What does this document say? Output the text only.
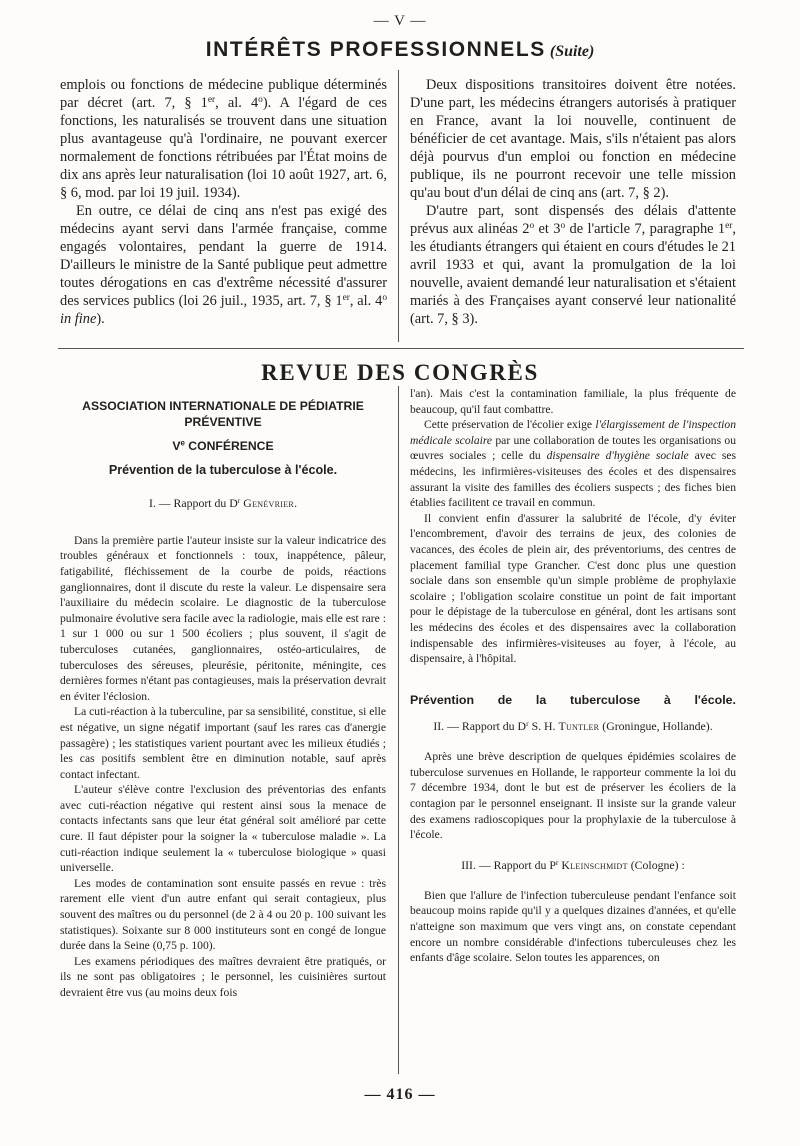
— V —
INTÉRÊTS PROFESSIONNELS (Suite)

emplois ou fonctions de médecine publique déterminés par décret (art. 7, § 1er, al. 4$^o$). A l'égard de ces fonctions, les naturalisés se trouvent dans une situation plus avantageuse qu'à l'ordinaire, ne pouvant exercer normalement de fonctions rétribuées par l'État moins de dix ans après leur naturalisation (loi 10 août 1927, art. 6, § 6, mod. par loi 19 juil. 1934).

En outre, ce délai de cinq ans n'est pas exigé des médecins ayant servi dans l'armée française, comme engagés volontaires, pendant la guerre de 1914. D'ailleurs le ministre de la Santé publique peut admettre toutes dérogations en cas d'extrême nécessité d'assurer des services publics (loi 26 juil., 1935, art. 7, § 1er, al. 4$^o$ in fine).

Deux dispositions transitoires doivent être notées. D'une part, les médecins étrangers autorisés à pratiquer en France, avant la loi nouvelle, continuent de bénéficier de cet avantage. Mais, s'ils n'étaient pas alors déjà pourvus d'un emploi ou fonction en médecine publique, ils ne pourront recevoir une telle mission qu'au bout d'un délai de cinq ans (art. 7, § 2).

D'autre part, sont dispensés des délais d'attente prévus aux alinéas 2$^o$ et 3$^o$ de l'article 7, paragraphe 1er, les étudiants étrangers qui étaient en cours d'études le 21 avril 1933 et qui, avant la promulgation de la loi nouvelle, avaient demandé leur naturalisation et s'étaient mariés à des Françaises ayant conservé leur nationalité (art. 7, § 3).

REVUE DES CONGRÈS
ASSOCIATION INTERNATIONALE DE PÉDIATRIE PRÉVENTIVE
Ve CONFÉRENCE
Prévention de la tuberculose à l'école.
I. — Rapport du $D^r$ Genévrier.

Dans la première partie l'auteur insiste sur la valeur indicatrice des troubles généraux et fonctionnels : toux, inappétence, pâleur, fatigabilité, fléchissement de la courbe de poids, réactions ganglionnaires, dont il discute du reste la valeur. Le dispensaire sera l'auxiliaire du médecin scolaire. Le diagnostic de la tuberculose pulmonaire évolutive sera facile avec la radiologie, mais elle est rare : 1 sur 1 000 ou sur 1 500 écoliers ; plus souvent, il s'agit de tuberculoses cutanées, ganglionnaires, ostéo-articulaires, de tuberculoses des séreuses, pleurésie, péritonite, méningite, ces dernières formes n'étant pas contagieuses, mais la préservation devrait en éviter l'éclosion.

La cuti-réaction à la tuberculine, par sa sensibilité, constitue, si elle est négative, un signe négatif important (sauf les rares cas d'anergie passagère) ; les statistiques varient pourtant avec les milieux étudiés ; les cas positifs semblent être en diminution notable, sauf après contact infectant.

L'auteur s'élève contre l'exclusion des préventorias des enfants avec cuti-réaction négative qui restent ainsi sous la menace de contacts infectants sans que leur état général soit amélioré par cette cure. Il faut dépister pour la soigner la « tuberculose maladie ». La cuti-réaction indique seulement la « tuberculose biologique » quasi universelle.

Les modes de contamination sont ensuite passés en revue : très rarement elle vient d'un autre enfant qui serait contagieux, plus souvent des maîtres ou du personnel (de 2 à 4 ou 20 p. 100 suivant les statistiques). Soixante sur 8 000 instituteurs sont en congé de longue durée dans la Seine (0,75 p. 100).

Les examens périodiques des maîtres devraient être pratiqués, or ils ne sont pas obligatoires ; le personnel, les cuisinières surtout devraient être vus (au moins deux fois

l'an). Mais c'est la contamination familiale, la plus fréquente de beaucoup, qu'il faut combattre.

Cette préservation de l'écolier exige l'élargissement de l'inspection médicale scolaire par une collaboration de toutes les organisations ou œuvres sociales ; celle du dispensaire d'hygiène sociale avec ses médecins, les infirmières-visiteuses des écoles et des dispensaires assurant la visite des familles des écoliers suspects ; des fiches bien établies facilitent ce travail en commun.

Il convient enfin d'assurer la salubrité de l'école, d'y éviter l'encombrement, d'avoir des terrains de jeux, des colonies de vacances, des écoles de plein air, des préventoriums, des centres de placement familial type Grancher. C'est donc plus une question sociale dans son ensemble qu'un simple problème de prophylaxie scolaire ; l'obligation scolaire constitue un point de fait important pour le dépistage de la tuberculose en général, dont les artisans sont les médecins des écoles et des dispensaires avec la collaboration indispensable des infirmières-visiteuses au foyer, à l'école, au dispensaire, à l'hôpital.

Prévention de la tuberculose à l'école.
II. — Rapport du $D^r$ S. H. Tuntler (Groningue, Hollande).

Après une brève description de quelques épidémies scolaires de tuberculose survenues en Hollande, le rapporteur commente la loi du 7 décembre 1934, dont le but est de préserver les écoliers de la contagion par le personnel enseignant. Il insiste sur la grande valeur des examens radioscopiques pour la prophylaxie de la tuberculose à l'école.

III. — Rapport du $P^r$ Kleinschmidt (Cologne) :

Bien que l'allure de l'infection tuberculeuse pendant l'enfance soit beaucoup moins rapide qu'il y a quelques dizaines d'années, et qu'elle n'atteigne son maximum que vers vingt ans, on constate cependant encore un nombre considérable d'infections tuberculeuses chez les enfants d'âge scolaire. Selon toutes les apparences, on

— 416 —
